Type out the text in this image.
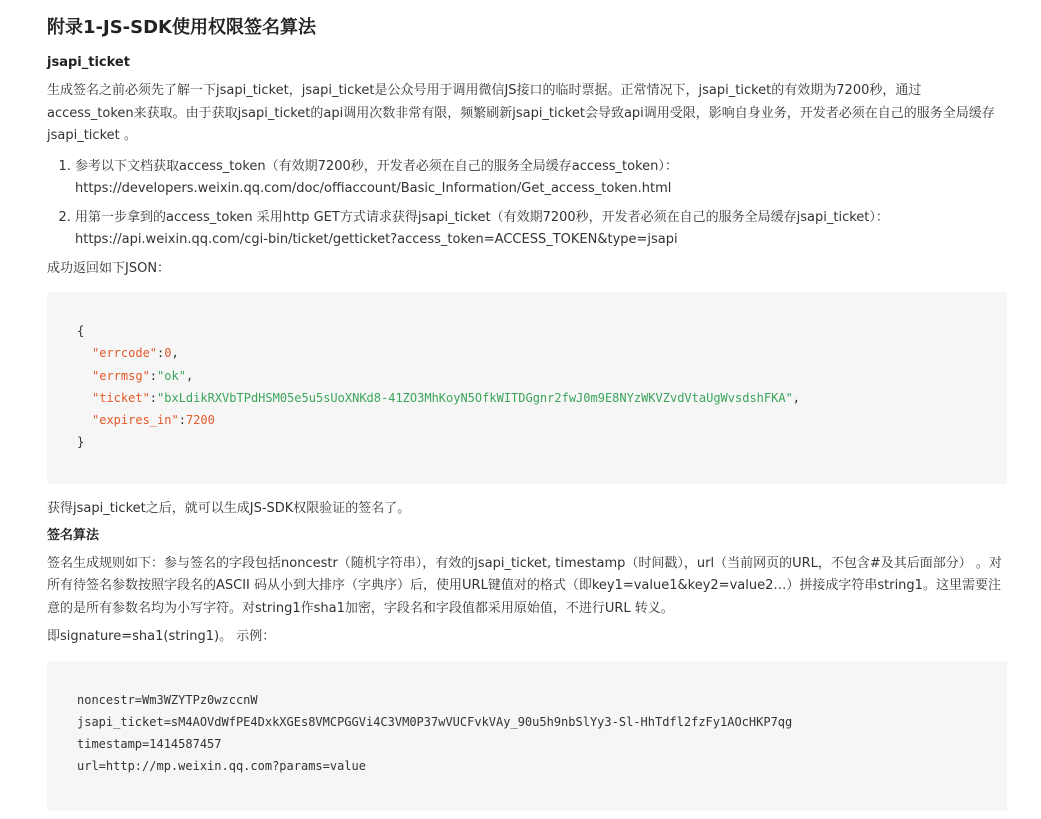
附录1-JS-SDK使用权限签名算法
jsapi_ticket

生成签名之前必须先了解一下jsapi_ticket，jsapi_ticket是公众号用于调用微信JS接口的临时票据。正常情况下，jsapi_ticket的有效期为7200秒，通过access_token来获取。由于获取jsapi_ticket的api调用次数非常有限，频繁刷新jsapi_ticket会导致api调用受限，影响自身业务，开发者必须在自己的服务全局缓存jsapi_ticket 。

1. 参考以下文档获取access_token（有效期7200秒，开发者必须在自己的服务全局缓存access_token）：
https://developers.weixin.qq.com/doc/offiaccount/Basic_Information/Get_access_token.html
2. 用第一步拿到的access_token 采用http GET方式请求获得jsapi_ticket（有效期7200秒，开发者必须在自己的服务全局缓存jsapi_ticket）：
https://api.weixin.qq.com/cgi-bin/ticket/getticket?access_token=ACCESS_TOKEN&type=jsapi

成功返回如下JSON：

{
"errcode":0,
"errmsg":"ok",
"ticket":"bxLdikRXVbTPdHSM05e5u5sUoXNKd8-41ZO3MhKoyN5OfkWITDGgnr2fwJ0m9E8NYzWKVZvdVtaUgWvsdshFKA",
"expires_in":7200
}

获得jsapi_ticket之后，就可以生成JS-SDK权限验证的签名了。

签名算法

签名生成规则如下：参与签名的字段包括noncestr（随机字符串），有效的jsapi_ticket, timestamp（时间戳），url（当前网页的URL，不包含#及其后面部分） 。对所有待签名参数按照字段名的ASCII 码从小到大排序（字典序）后，使用URL键值对的格式（即key1=value1&key2=value2…）拼接成字符串string1。这里需要注意的是所有参数名均为小写字符。对string1作sha1加密，字段名和字段值都采用原始值，不进行URL 转义。

即signature=sha1(string1)。 示例：

noncestr=Wm3WZYTPz0wzccnW
jsapi_ticket=sM4AOVdWfPE4DxkXGEs8VMCPGGVi4C3VM0P37wVUCFvkVAy_90u5h9nbSlYy3-Sl-HhTdfl2fzFy1AOcHKP7qg
timestamp=1414587457
url=http://mp.weixin.qq.com?params=value
